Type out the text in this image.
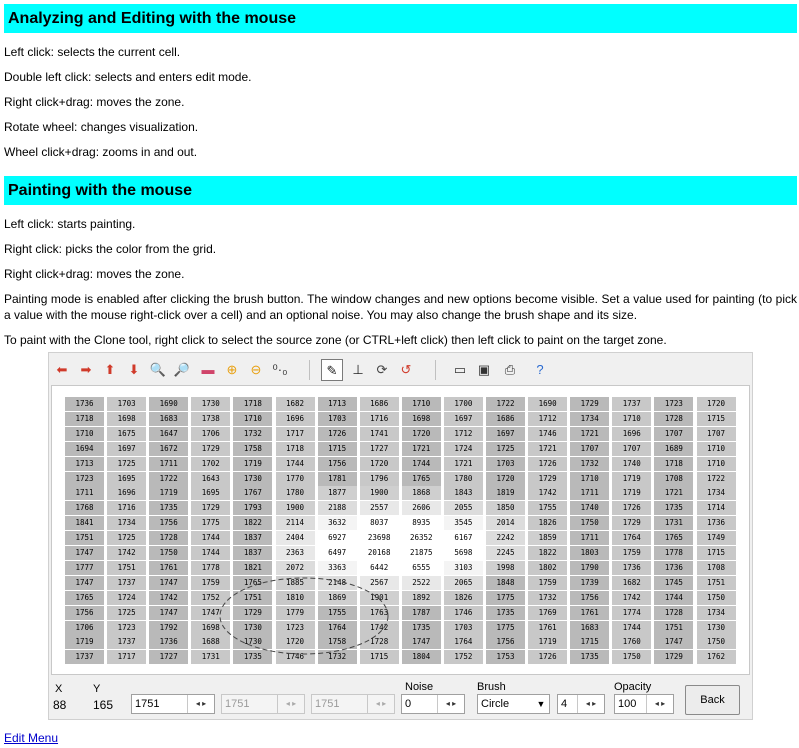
Analyzing and Editing with the mouse
Left click: selects the current cell.
Double left click: selects and enters edit mode.
Right click+drag: moves the zone.
Rotate wheel: changes visualization.
Wheel click+drag: zooms in and out.
Painting with the mouse
Left click: starts painting.
Right click: picks the color from the grid.
Right click+drag: moves the zone.
Painting mode is enabled after clicking the brush button. The window changes and new options become visible. Set a value used for painting (to pick a value with the mouse right-click over a cell) and an optional noise. You may also change the brush shape and its size.
To paint with the Clone tool, right click to select the source zone (or CTRL+left click) then left click to paint on the target zone.
⬅	➡	⬆	⬇ 🔍 🔎 ▬ ⊕	⊖ ⁰·₀	✎	⊥ ⟳	↺	▭ ▣	⎙	?
1736	1703	1690	1730	1718	1682	1713	1686	1710	1700	1722	1690	1729	1737	1723	1720
1718	1698	1683	1738	1710	1696	1703	1716	1698	1697	1686	1712	1734	1710	1728	1715
1710	1675	1647	1706	1732	1717	1726	1741	1720	1712	1697	1746	1721	1696	1707	1707
1694	1697	1672	1729	1758	1718	1715	1727	1721	1724	1725	1721	1707	1707	1689	1710
1713	1725	1711	1702	1719	1744	1756	1720	1744	1721	1703	1726	1732	1740	1718	1710
1723	1695	1722	1643	1730	1770	1781	1796	1765	1780	1720	1729	1710	1719	1708	1722
1711	1696	1719	1695	1767	1780	1877	1900	1868	1843	1819	1742	1711	1719	1721	1734
1768	1716	1735	1729	1793	1900	2188	2557	2606	2055	1850	1755	1740	1726	1735	1714
1841	1734	1756	1775	1822	2114	3632	8037	8935	3545	2014	1826	1750	1729	1731	1736
1751	1725	1728	1744	1837	2404	6927	23698	26352	6167	2242	1859	1711	1764	1765	1749
1747	1742	1750	1744	1837	2363	6497	20168	21875	5698	2245	1822	1803	1759	1778	1715
1777	1751	1761	1778	1821	2072	3363	6442	6555	3103	1998	1802	1790	1736	1736	1708
1747	1737	1747	1759	1765	1885	2148	2567	2522	2065	1848	1759	1739	1682	1745	1751
1765	1724	1742	1752	1751	1810	1869	1901	1892	1826	1775	1732	1756	1742	1744	1750
1756	1725	1747	1747	1729	1779	1755	1763	1787	1746	1735	1769	1761	1774	1728	1734
1706	1723	1792	1698	1730	1723	1764	1742	1735	1703	1775	1761	1683	1744	1751	1730
1719	1737	1736	1688	1730	1720	1758	1728	1747	1764	1756	1719	1715	1760	1747	1750
1737	1717	1727	1731	1735	1746	1732	1715	1804	1752	1753	1726	1735	1750	1729	1762
X	Y
88 165 1751	◂ ▸	1751	◂ ▸	1751	◂ ▸
Noise
0	◂ ▸
Brush
Circle	▼	4	◂ ▸
Opacity
100	◂ ▸	Back
Edit Menu
